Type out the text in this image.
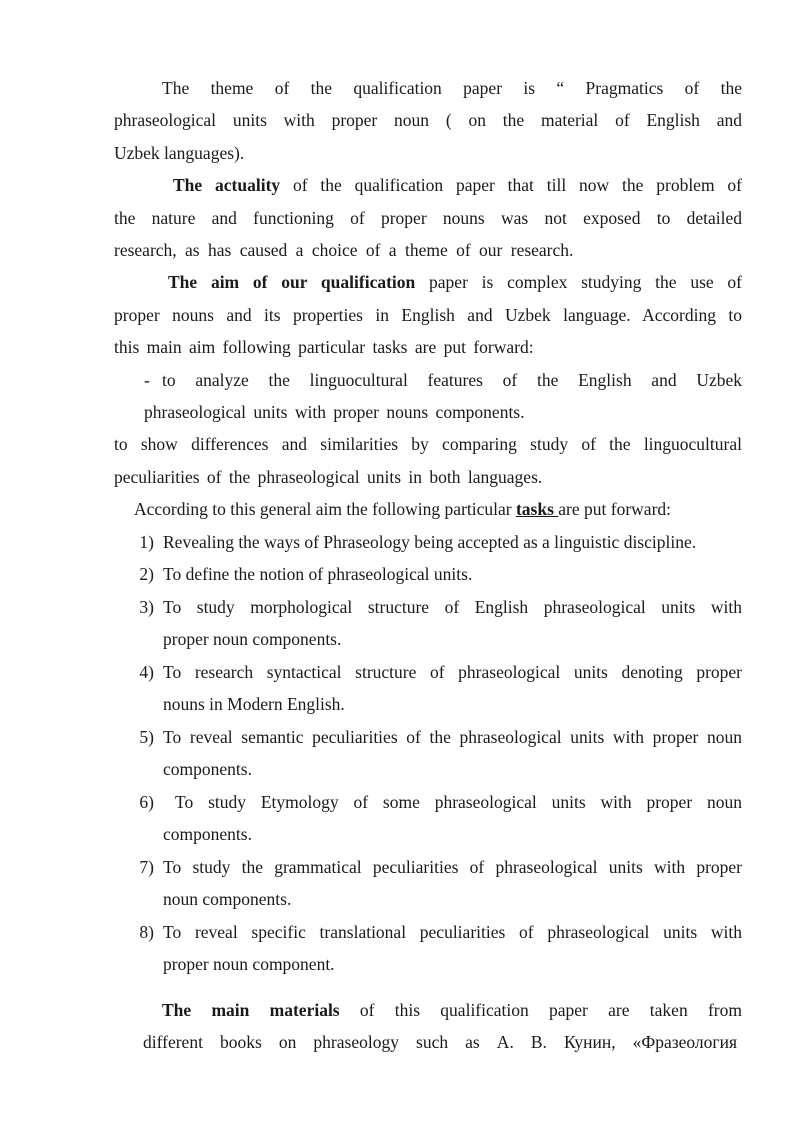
The theme of the qualification paper is “ Pragmatics of the
phraseological units with proper noun ( on the material of English and
Uzbek languages).
The actuality of the qualification paper that till now the problem of
the nature and functioning of proper nouns was not exposed to detailed
research, as has caused a choice of a theme of our research.
The aim of our qualification paper is complex studying the use of
proper nouns and its properties in English and Uzbek language. According to
this main aim following particular tasks are put forward:
- to analyze the linguocultural features of the English and Uzbek
phraseological units with proper nouns components.
to show differences and similarities by comparing study of the linguocultural
peculiarities of the phraseological units in both languages.
According to this general aim the following particular tasks are put forward:
1) Revealing the ways of Phraseology being accepted as a linguistic discipline.
2) To define the notion of phraseological units.
3) To study morphological structure of English phraseological units with
proper noun components.
4) To research syntactical structure of phraseological units denoting proper
nouns in Modern English.
5) To reveal semantic peculiarities of the phraseological units with proper noun
components.
6) To study Etymology of some phraseological units with proper noun
components.
7) To study the grammatical peculiarities of phraseological units with proper
noun components.
8) To reveal specific translational peculiarities of phraseological units with
proper noun component.
The main materials of this qualification paper are taken from
different books on phraseology such as А. В. Кунин, «Фразеология
